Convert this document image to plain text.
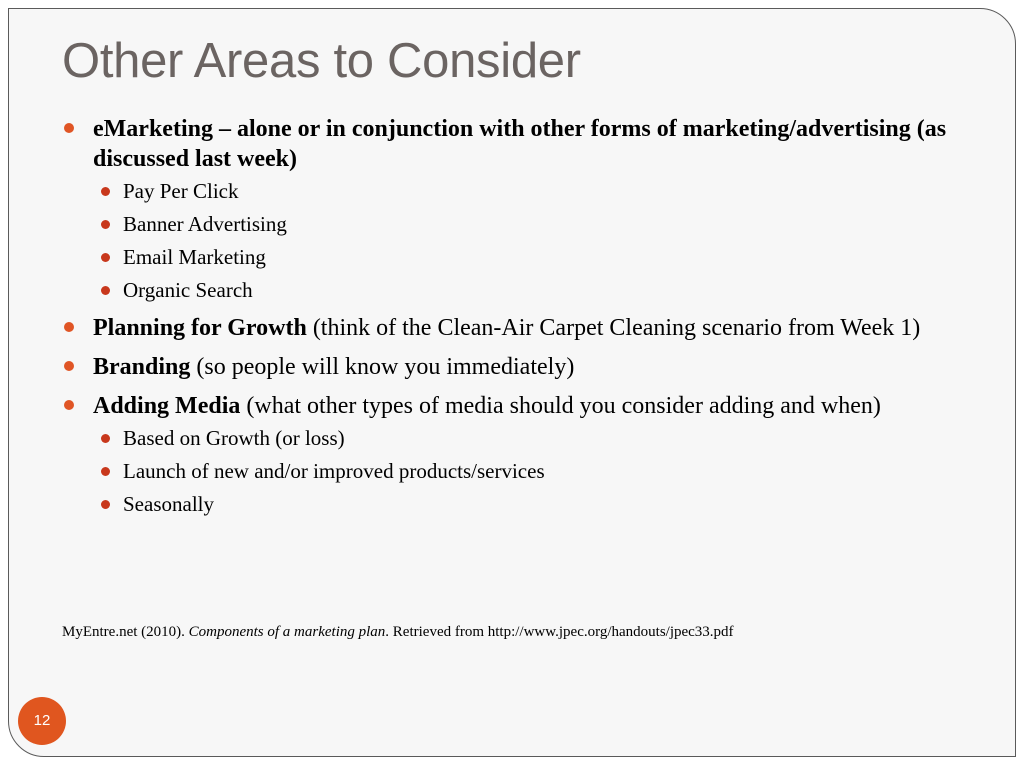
Other Areas to Consider
eMarketing – alone or in conjunction with other forms of marketing/advertising (as discussed last week)
Pay Per Click
Banner Advertising
Email Marketing
Organic Search
Planning for Growth (think of the Clean-Air Carpet Cleaning scenario from Week 1)
Branding (so people will know you immediately)
Adding Media (what other types of media should you consider adding and when)
Based on Growth (or loss)
Launch of new and/or improved products/services
Seasonally
MyEntre.net (2010). Components of a marketing plan. Retrieved from http://www.jpec.org/handouts/jpec33.pdf
12
